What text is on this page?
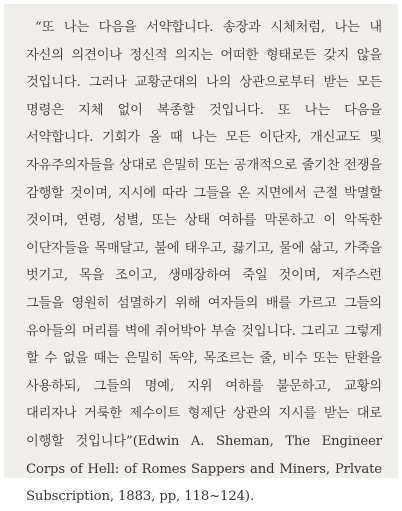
“또 나는 다음을 서약합니다. 송장과 시체처럼, 나는 내 자신의 의견이나 정신적 의지는 어떠한 형태로든 갖지 않을 것입니다. 그러나 교황군대의 나의 상관으로부터 받는 모든 명령은 지체 없이 복종할 것입니다. 또 나는 다음을 서약합니다. 기회가 올 때 나는 모든 이단자, 개신교도 및 자유주의자들을 상대로 은밀히 또는 공개적으로 줄기찬 전쟁을 감행할 것이며, 지시에 따라 그들을 온 지면에서 근절 박멸할 것이며, 연령, 성별, 또는 상태 여하를 막론하고 이 악독한 이단자들을 목매달고, 불에 태우고, 끓기고, 물에 삶고, 가죽을 벗기고, 목을 조이고, 생매장하여 죽일 것이며, 저주스런 그들을 영원히 섬멸하기 위해 여자들의 배를 가르고 그들의 유아들의 머리를 벽에 쥐어박아 부술 것입니다. 그리고 그렇게 할 수 없을 때는 은밀히 독약, 목조르는 줄, 비수 또는 탄환을 사용하되, 그들의 명예, 지위 여하를 불문하고, 교황의 대리자나 거룩한 제수이트 형제단 상관의 지시를 받는 대로 이행할 것입니다”(Edwin A. Sheman, The Engineer Corps of Hell: of Romes Sappers and Miners, Prlvate Subscription, 1883, pp, 118~124).
